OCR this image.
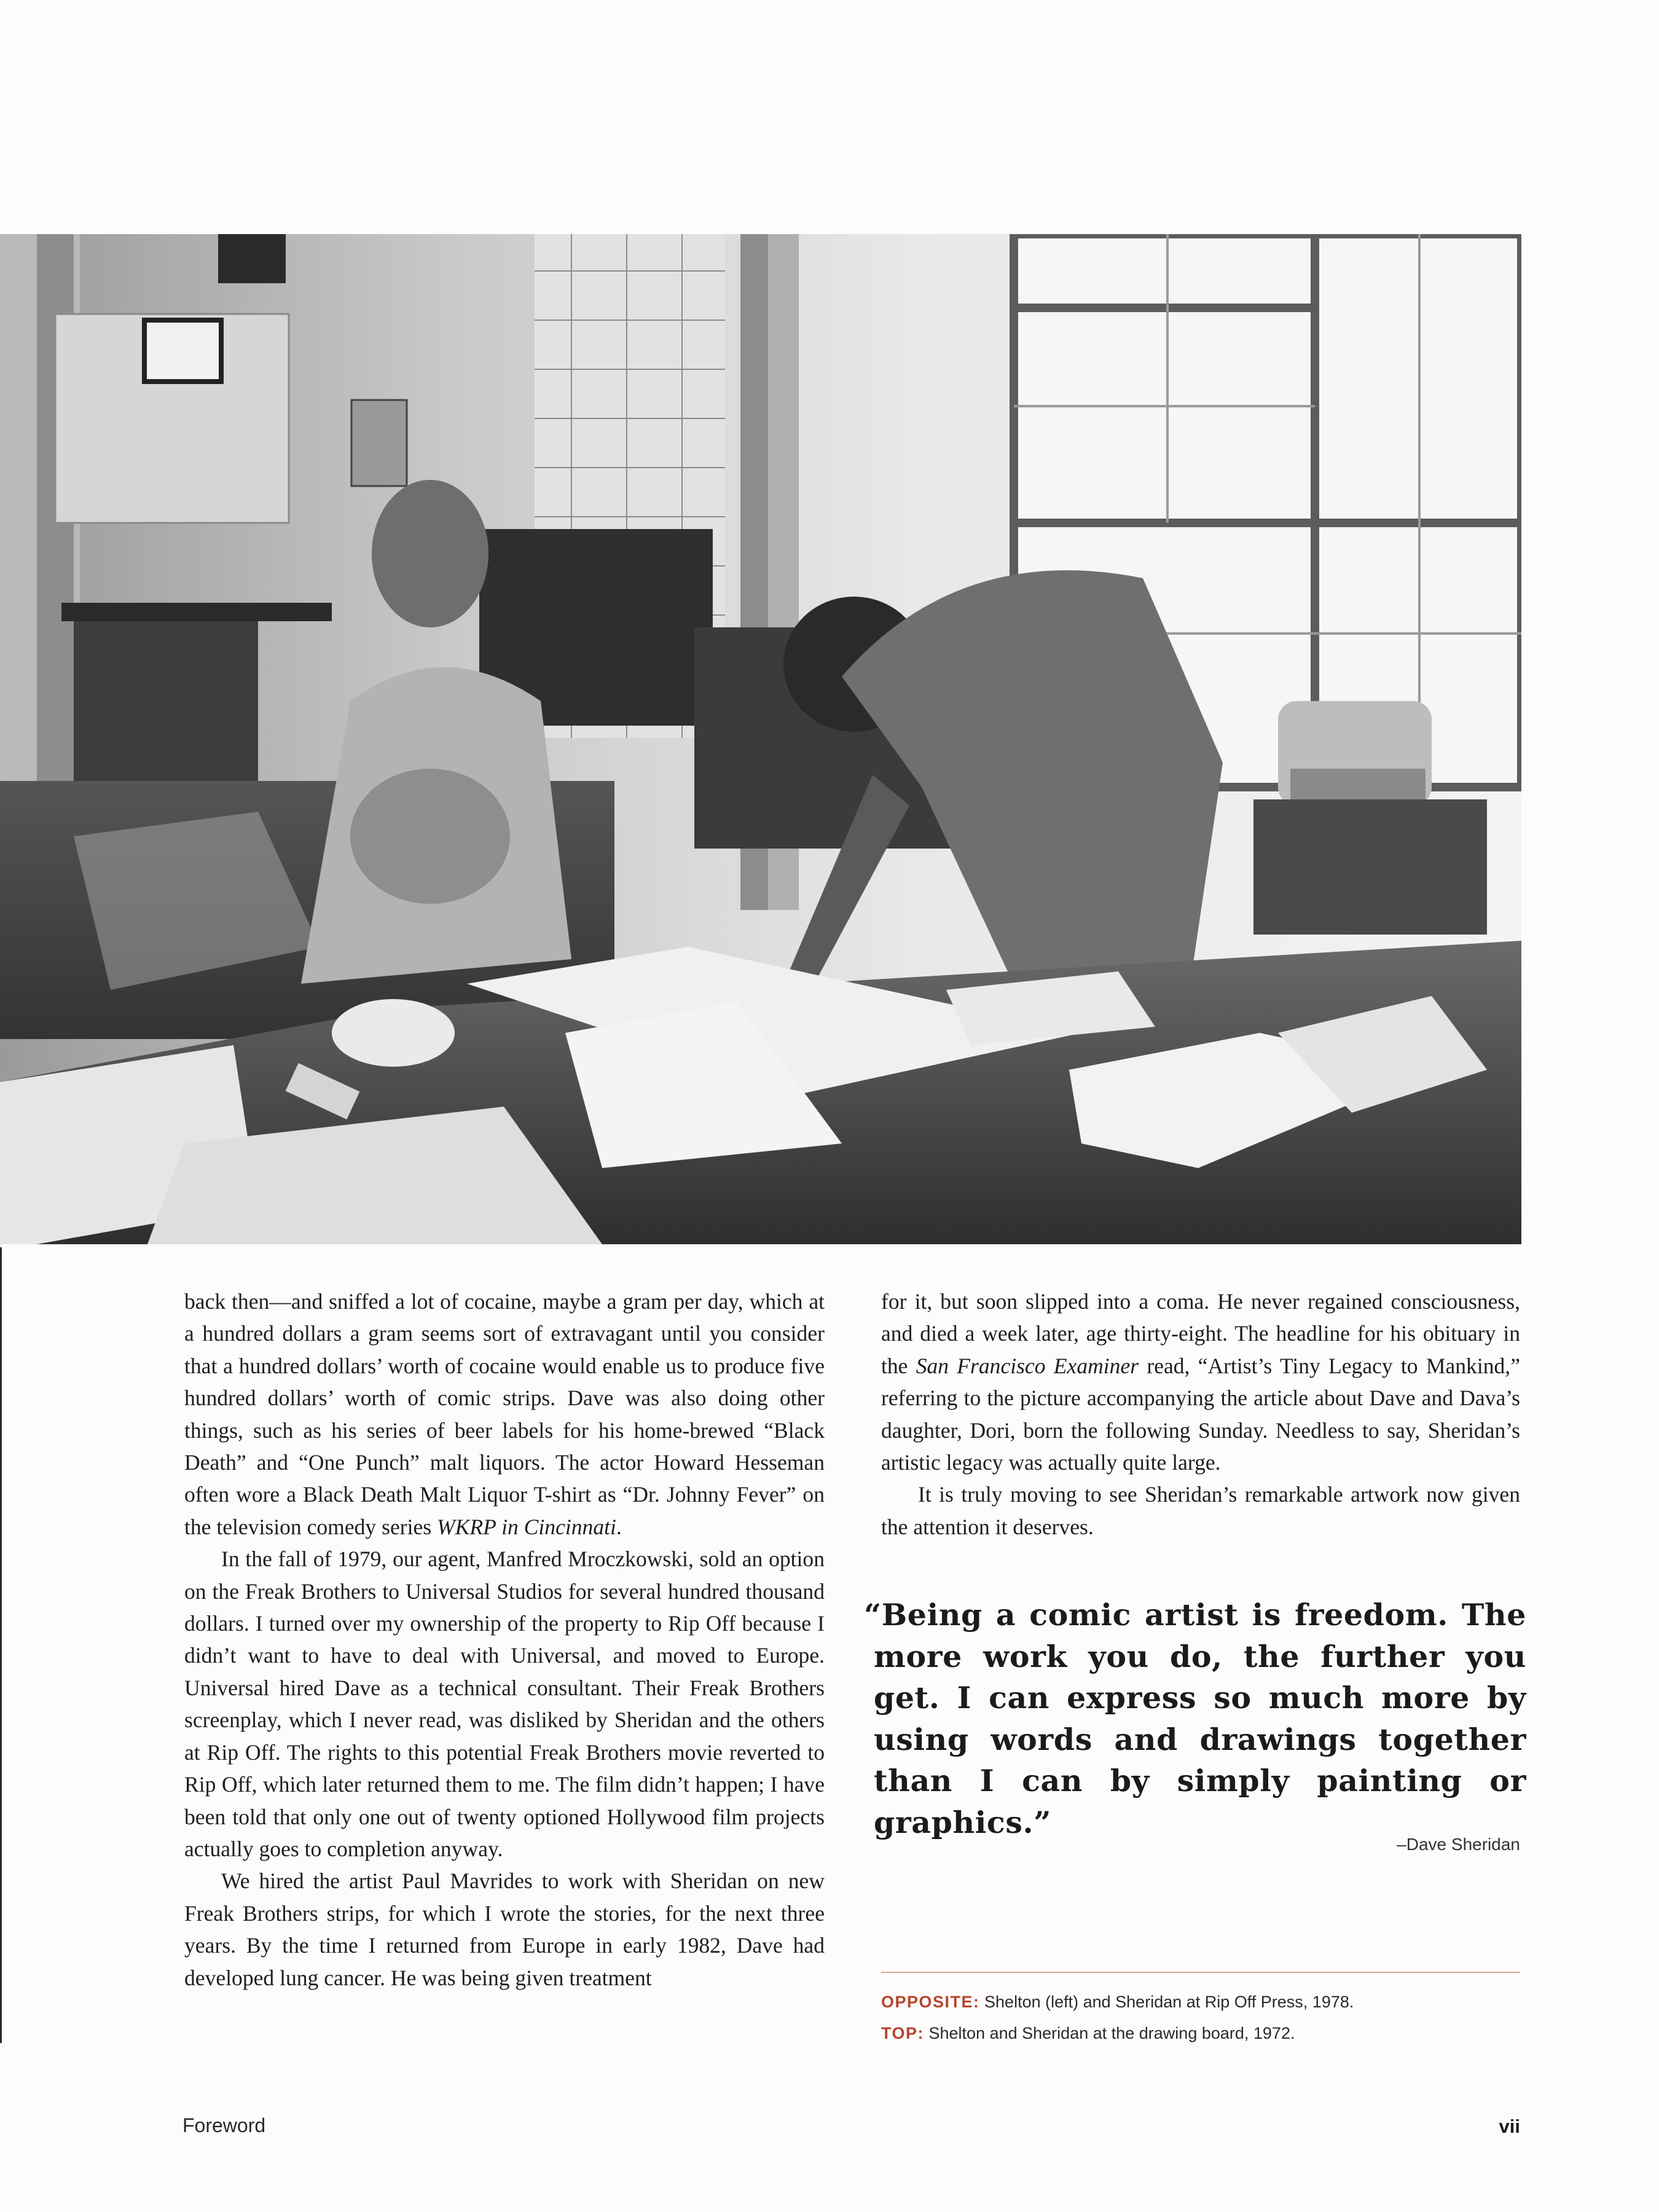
back then—and sniffed a lot of cocaine, maybe a gram per day, which at a hundred dollars a gram seems sort of extravagant until you consider that a hundred dollars’ worth of cocaine would enable us to produce five hundred dollars’ worth of comic strips. Dave was also doing other things, such as his series of beer labels for his home-brewed “Black Death” and “One Punch” malt liquors. The actor Howard Hesseman often wore a Black Death Malt Liquor T-shirt as “Dr. Johnny Fever” on the television comedy series WKRP in Cincinnati.

In the fall of 1979, our agent, Manfred Mroczkowski, sold an option on the Freak Brothers to Universal Studios for several hundred thousand dollars. I turned over my ownership of the property to Rip Off because I didn’t want to have to deal with Universal, and moved to Europe. Universal hired Dave as a technical consultant. Their Freak Brothers screenplay, which I never read, was disliked by Sheridan and the others at Rip Off. The rights to this potential Freak Brothers movie reverted to Rip Off, which later returned them to me. The film didn’t happen; I have been told that only one out of twenty optioned Hollywood film projects actually goes to completion anyway.

We hired the artist Paul Mavrides to work with Sheridan on new Freak Brothers strips, for which I wrote the stories, for the next three years. By the time I returned from Europe in early 1982, Dave had developed lung cancer. He was being given treatment

for it, but soon slipped into a coma. He never regained consciousness, and died a week later, age thirty-eight. The headline for his obituary in the San Francisco Examiner read, “Artist’s Tiny Legacy to Mankind,” referring to the picture accompanying the article about Dave and Dava’s daughter, Dori, born the following Sunday. Needless to say, Sheridan’s artistic legacy was actually quite large.

It is truly moving to see Sheridan’s remarkable artwork now given the attention it deserves.

“Being a comic artist is freedom. The more work you do, the further you get. I can express so much more by using words and drawings together than I can by simply painting or graphics.”
–Dave Sheridan
OPPOSITE: Shelton (left) and Sheridan at Rip Off Press, 1978.
TOP: Shelton and Sheridan at the drawing board, 1972.
Foreword	vii
